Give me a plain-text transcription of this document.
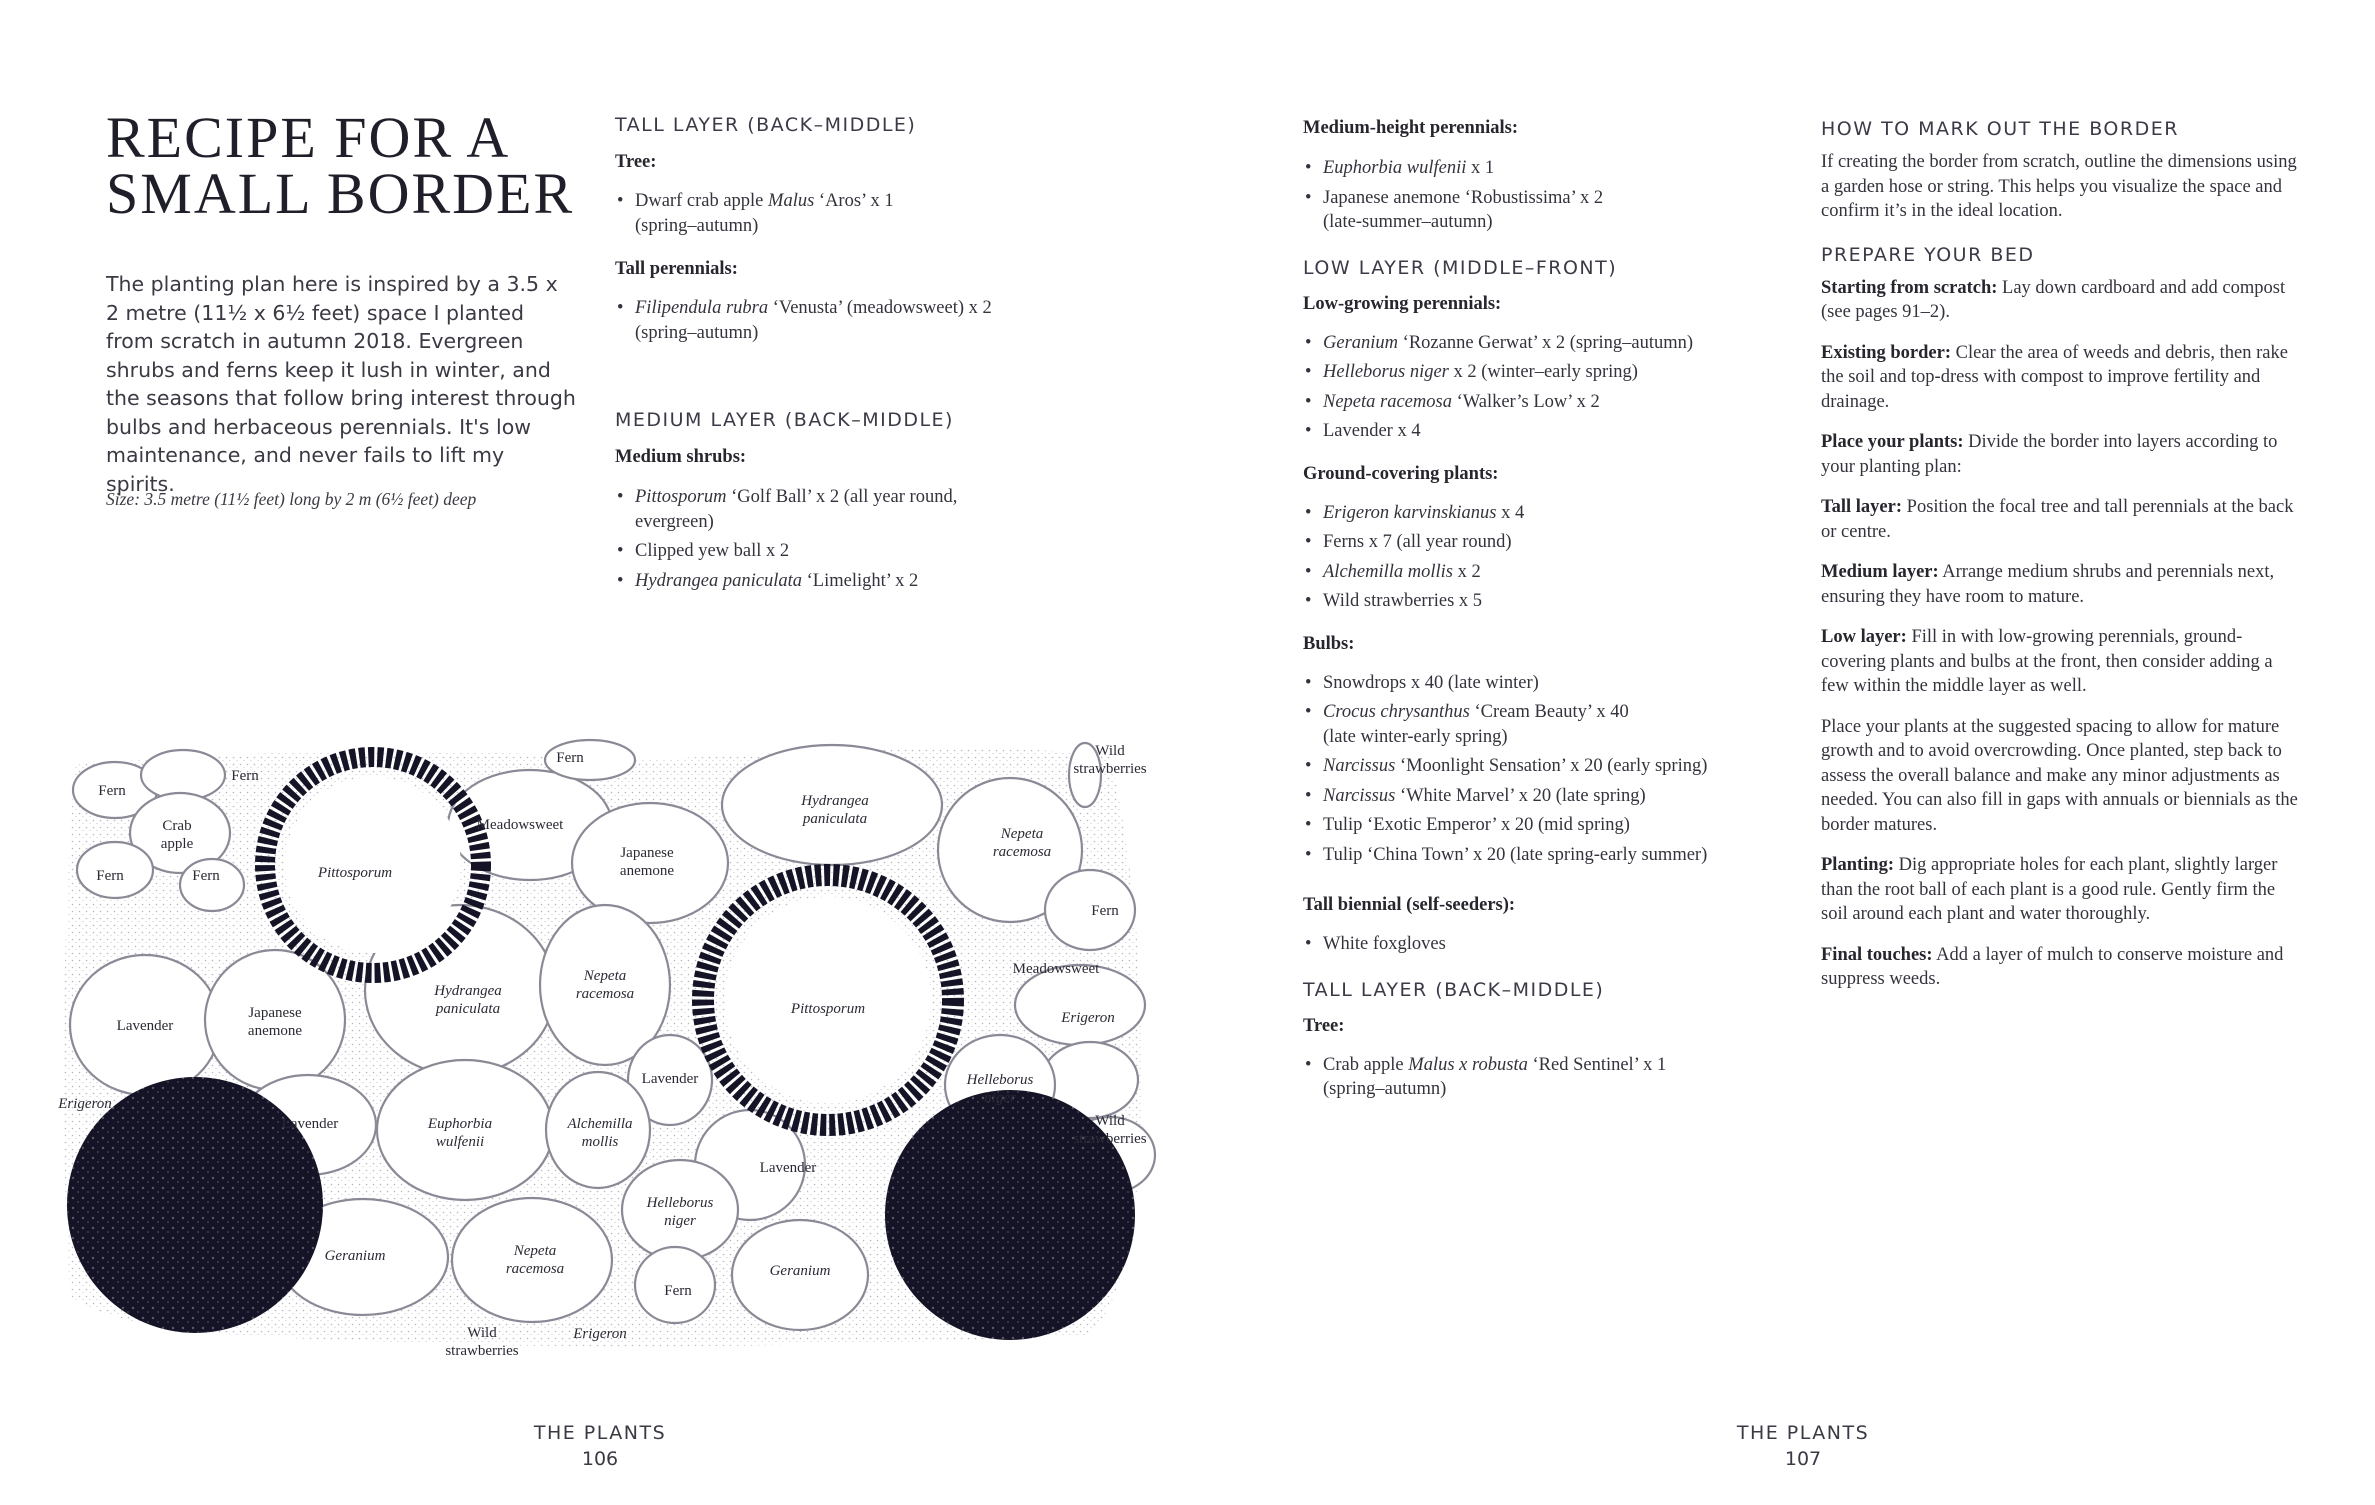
RECIPE FOR A
SMALL BORDER

The planting plan here is inspired by a 3.5 x 2 metre (11½ x 6½ feet) space I planted from scratch in autumn 2018. Evergreen shrubs and ferns keep it lush in winter, and the seasons that follow bring interest through bulbs and herbaceous perennials. It's low maintenance, and never fails to lift my spirits.

Size: 3.5 metre (11½ feet) long by 2 m (6½ feet) deep
TALL LAYER (BACK–MIDDLE)

Tree:

• Dwarf crab apple Malus ‘Aros’ x 1
(spring–autumn)

Tall perennials:

• Filipendula rubra ‘Venusta’ (meadowsweet) x 2
(spring–autumn)
MEDIUM LAYER (BACK–MIDDLE)

Medium shrubs:

• Pittosporum ‘Golf Ball’ x 2 (all year round,
evergreen)
• Clipped yew ball x 2
• Hydrangea paniculata ‘Limelight’ x 2
Fern
Fern
Fern
Fern	Fern
Fern
Fern
Crab
apple
Pittosporum
Pittosporum
Meadowsweet
Meadowsweet
Japanese
anemone
Japanese
anemone
Hydrangea
paniculata
Hydrangea
paniculata
Nepeta
racemosa
Nepeta
racemosa
Nepeta
racemosa
Wild
strawberries
Wild
strawberries
Wild
strawberries
Lavender
Lavender
Lavender
Lavender
Erigeron
Erigeron
Erigeron
Euphorbia
wulfenii
Alchemilla
mollis
Helleborus
niger
Helleborus
niger
Geranium
Geranium
THE PLANTS
106

Medium-height perennials:

• Euphorbia wulfenii x 1
• Japanese anemone ‘Robustissima’ x 2
(late-summer–autumn)
LOW LAYER (MIDDLE–FRONT)

Low-growing perennials:

• Geranium ‘Rozanne Gerwat’ x 2 (spring–autumn)
• Helleborus niger x 2 (winter–early spring)
• Nepeta racemosa ‘Walker’s Low’ x 2
• Lavender x 4

Ground-covering plants:

• Erigeron karvinskianus x 4
• Ferns x 7 (all year round)
• Alchemilla mollis x 2
• Wild strawberries x 5

Bulbs:

• Snowdrops x 40 (late winter)
• Crocus chrysanthus ‘Cream Beauty’ x 40
(late winter-early spring)
• Narcissus ‘Moonlight Sensation’ x 20 (early spring)
• Narcissus ‘White Marvel’ x 20 (late spring)
• Tulip ‘Exotic Emperor’ x 20 (mid spring)
• Tulip ‘China Town’ x 20 (late spring-early summer)

Tall biennial (self-seeders):

• White foxgloves
TALL LAYER (BACK–MIDDLE)

Tree:

• Crab apple Malus x robusta ‘Red Sentinel’ x 1
(spring–autumn)
HOW TO MARK OUT THE BORDER

If creating the border from scratch, outline the dimensions using a garden hose or string. This helps you visualize the space and confirm it’s in the ideal location.

PREPARE YOUR BED

Starting from scratch: Lay down cardboard and add compost (see pages 91–2).

Existing border: Clear the area of weeds and debris, then rake the soil and top-dress with compost to improve fertility and drainage.

Place your plants: Divide the border into layers according to your planting plan:

Tall layer: Position the focal tree and tall perennials at the back or centre.

Medium layer: Arrange medium shrubs and perennials next, ensuring they have room to mature.

Low layer: Fill in with low-growing perennials, ground-covering plants and bulbs at the front, then consider adding a few within the middle layer as well.

Place your plants at the suggested spacing to allow for mature growth and to avoid overcrowding. Once planted, step back to assess the overall balance and make any minor adjustments as needed. You can also fill in gaps with annuals or biennials as the border matures.

Planting: Dig appropriate holes for each plant, slightly larger than the root ball of each plant is a good rule. Gently firm the soil around each plant and water thoroughly.

Final touches: Add a layer of mulch to conserve moisture and suppress weeds.

THE PLANTS
107
